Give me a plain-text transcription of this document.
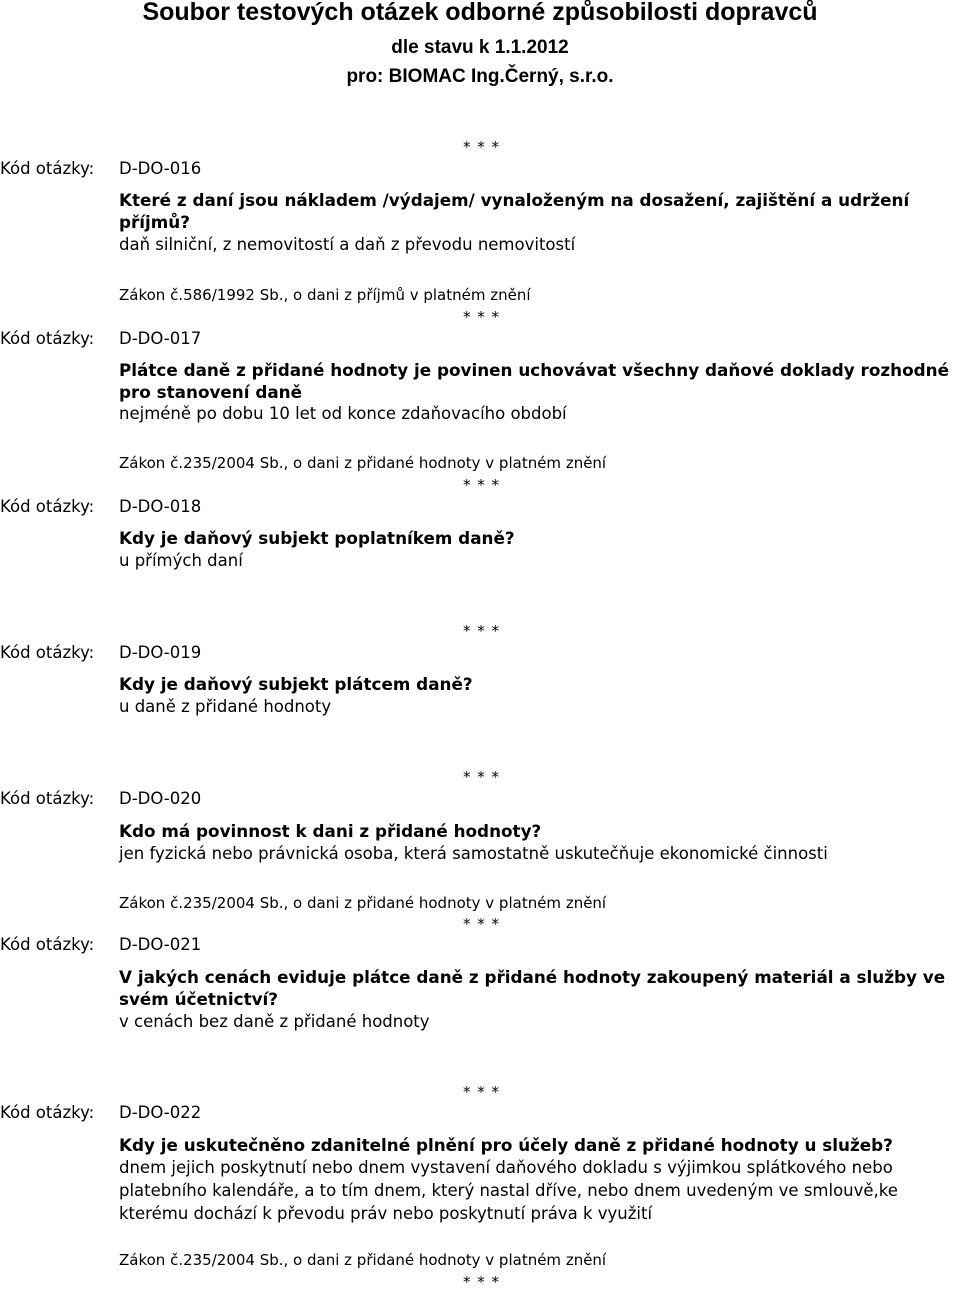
Soubor testových otázek odborné způsobilosti dopravců
dle stavu k 1.1.2012
pro: BIOMAC Ing.Černý, s.r.o.
* * *
Kód otázky: D-DO-016
Které z daní jsou nákladem /výdajem/ vynaloženým na dosažení, zajištění a udržení příjmů?
daň silniční, z nemovitostí a daň z převodu nemovitostí
Zákon č.586/1992 Sb., o dani z příjmů v platném znění
* * *
Kód otázky: D-DO-017
Plátce daně z přidané hodnoty je povinen uchovávat všechny daňové doklady rozhodné pro stanovení daně
nejméně po dobu 10 let od konce zdaňovacího období
Zákon č.235/2004 Sb., o dani z přidané hodnoty v platném znění
* * *
Kód otázky: D-DO-018
Kdy je daňový subjekt poplatníkem daně?
u přímých daní
* * *
Kód otázky: D-DO-019
Kdy je daňový subjekt plátcem daně?
u daně z přidané hodnoty
* * *
Kód otázky: D-DO-020
Kdo má povinnost k dani z přidané hodnoty?
jen fyzická nebo právnická osoba, která samostatně uskutečňuje ekonomické činnosti
Zákon č.235/2004 Sb., o dani z přidané hodnoty v platném znění
* * *
Kód otázky: D-DO-021
V jakých cenách eviduje plátce daně z přidané hodnoty zakoupený materiál a služby ve svém účetnictví?
v cenách bez daně z přidané hodnoty
* * *
Kód otázky: D-DO-022
Kdy je uskutečněno zdanitelné plnění pro účely daně z přidané hodnoty u služeb?
dnem jejich poskytnutí nebo dnem vystavení daňového dokladu s výjimkou splátkového nebo platebního kalendáře, a to tím dnem, který nastal dříve, nebo dnem uvedeným ve smlouvě,ke kterému dochází k převodu práv nebo poskytnutí práva k využití
Zákon č.235/2004 Sb., o dani z přidané hodnoty v platném znění
* * *
